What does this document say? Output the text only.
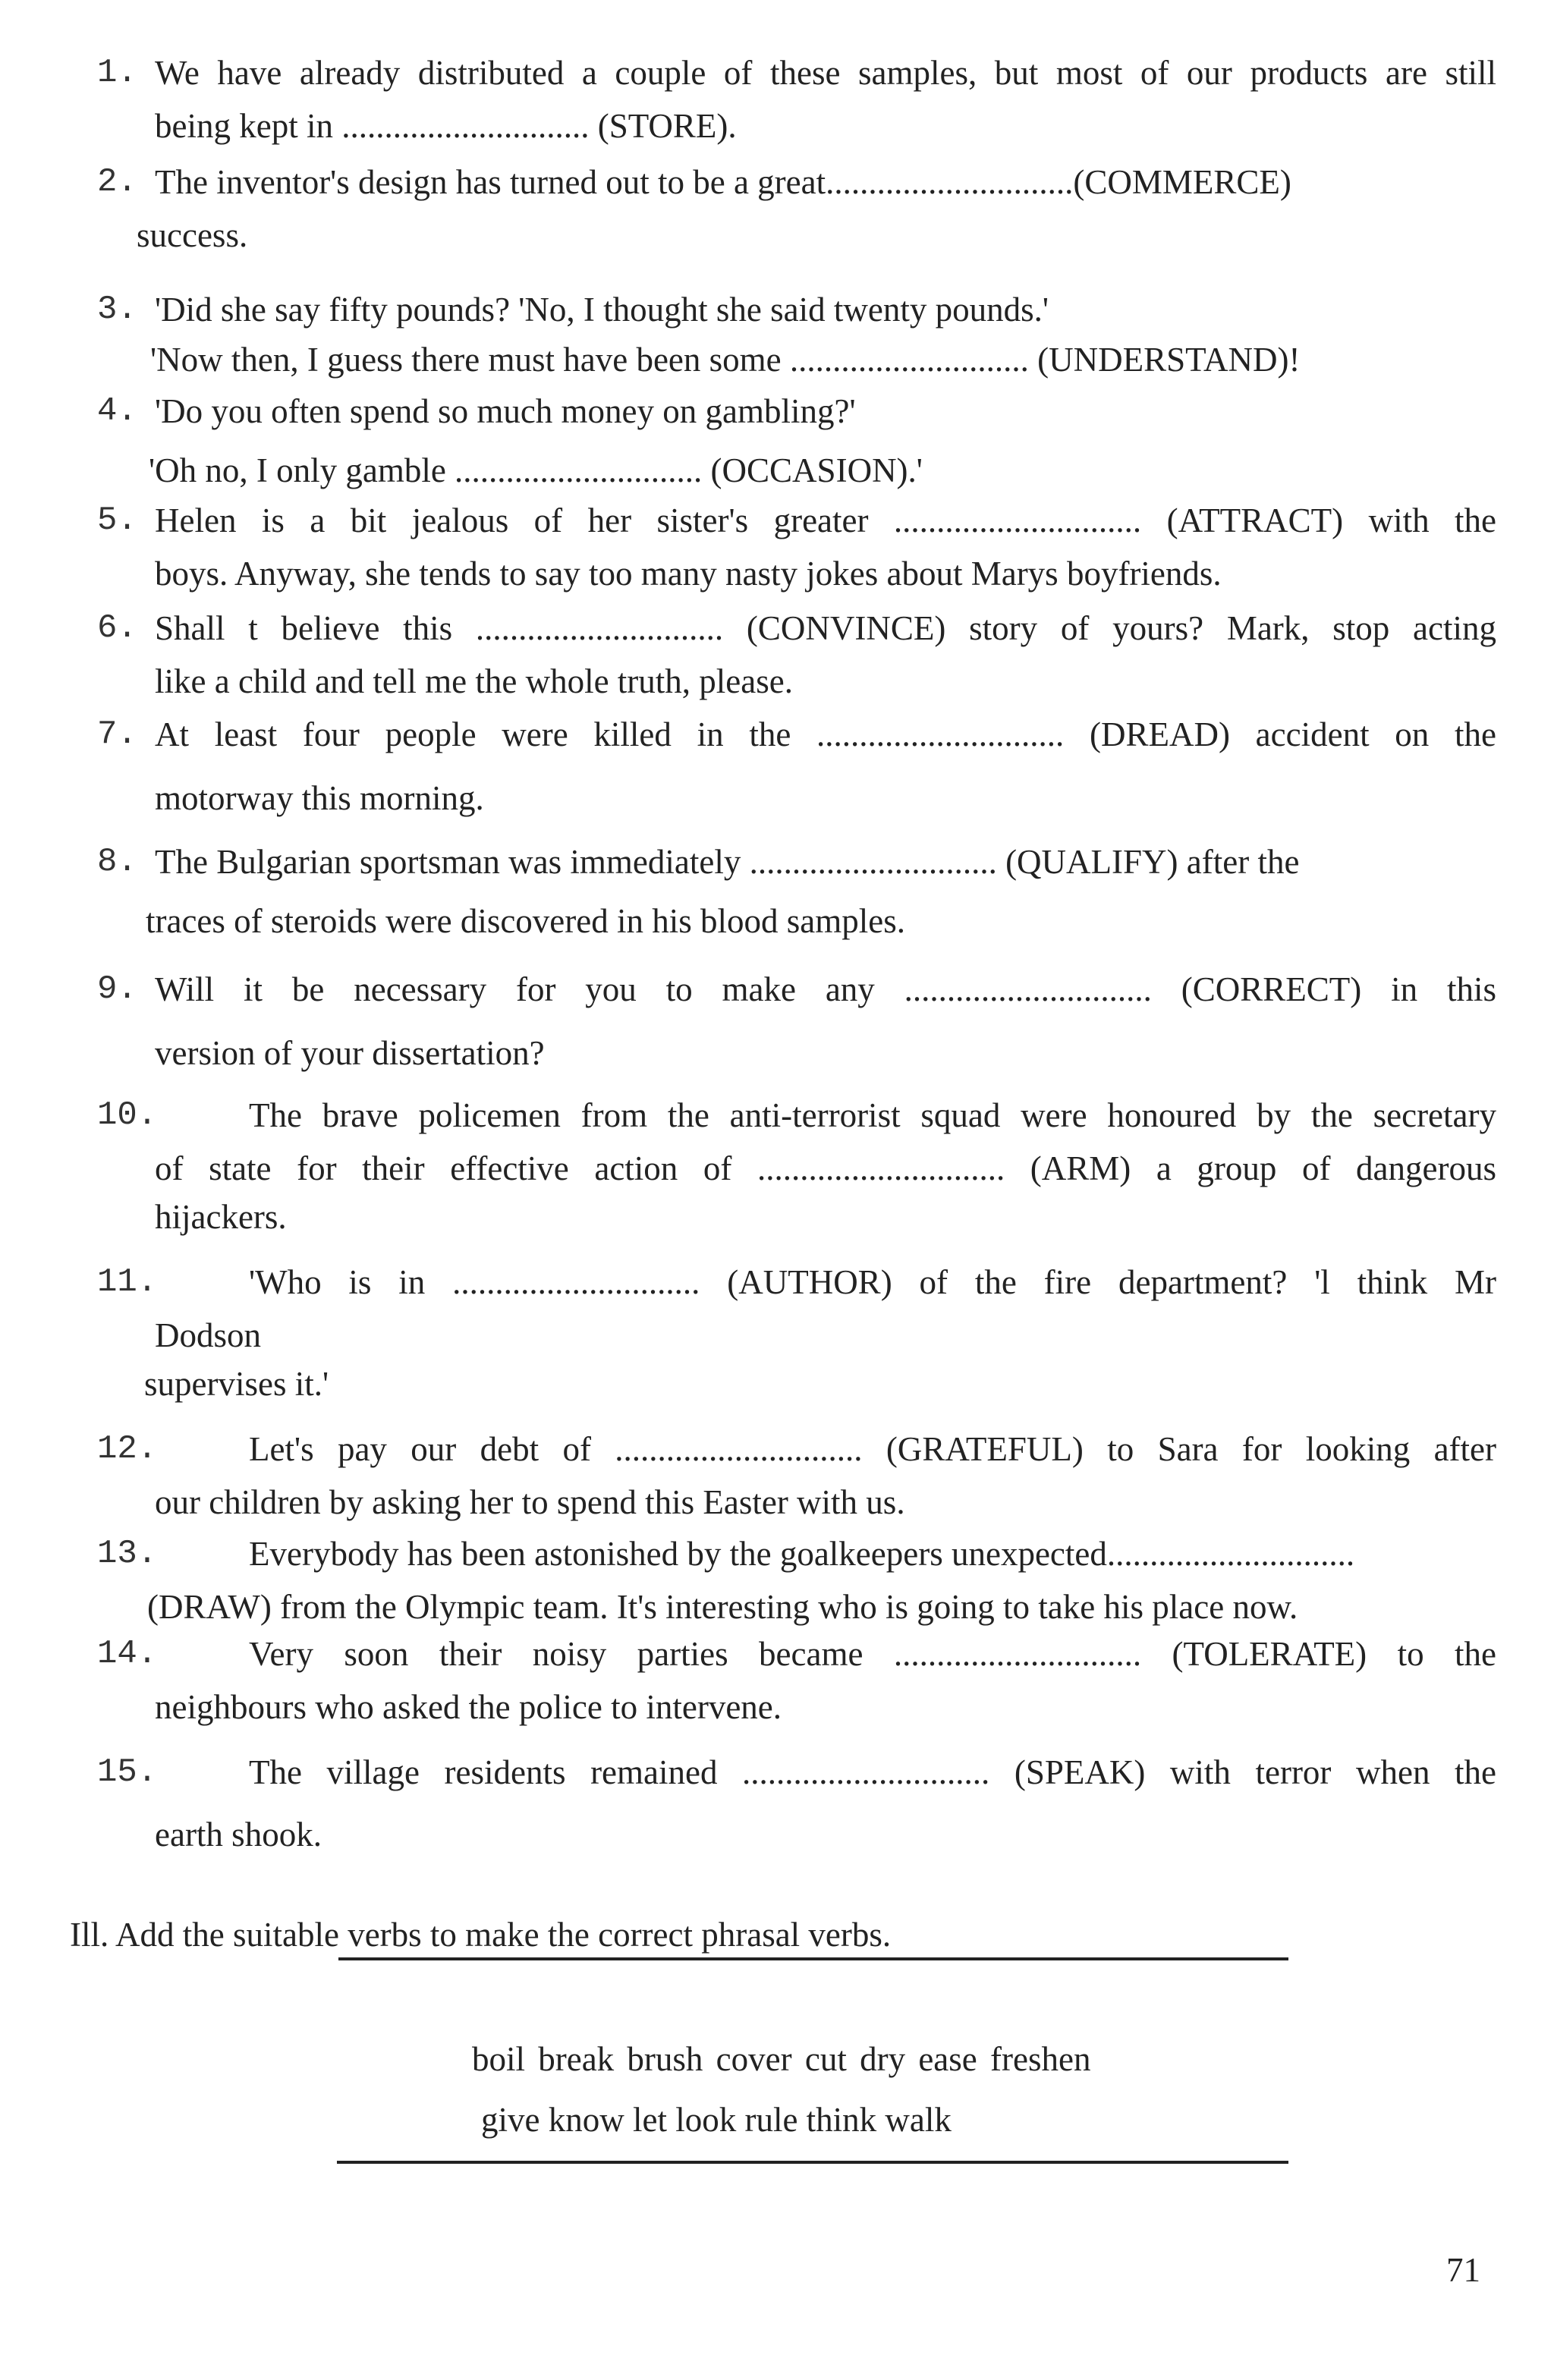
1. We have already distributed a couple of these samples, but most of our products are still
being kept in ............................. (STORE).
2. The inventor's design has turned out to be a great.............................(COMMERCE)
success.
3. 'Did she say fifty pounds? 'No, I thought she said twenty pounds.'
'Now then, I guess there must have been some ............................ (UNDERSTAND)!
4. 'Do you often spend so much money on gambling?'
'Oh no, I only gamble ............................. (OCCASION).'
5. Helen is a bit jealous of her sister's greater ............................. (ATTRACT) with the
boys. Anyway, she tends to say too many nasty jokes about Marys boyfriends.
6. Shall t believe this ............................. (CONVINCE) story of yours? Mark, stop acting
like a child and tell me the whole truth, please.
7. At least four people were killed in the ............................. (DREAD) accident on the
motorway this morning.
8. The Bulgarian sportsman was immediately ............................. (QUALIFY) after the
traces of steroids were discovered in his blood samples.
9. Will it be necessary for you to make any ............................. (CORRECT) in this
version of your dissertation?
10.	The brave policemen from the anti-terrorist squad were honoured by the secretary
of state for their effective action of ............................. (ARM) a group of dangerous
hijackers.
11.	'Who is in ............................. (AUTHOR) of the fire department? 'l think Mr
Dodson
supervises it.'
12.	Let's pay our debt of ............................. (GRATEFUL) to Sara for looking after
our children by asking her to spend this Easter with us.
13.	Everybody has been astonished by the goalkeepers unexpected.............................
(DRAW) from the Olympic team. It's interesting who is going to take his place now.
14.	Very soon their noisy parties became ............................. (TOLERATE) to the
neighbours who asked the police to intervene.
15.	The village residents remained ............................. (SPEAK) with terror when the
earth shook.
Ill. Add the suitable verbs to make the correct phrasal verbs.
boil break brush cover cut dry ease freshen
give know let look rule think walk
71
